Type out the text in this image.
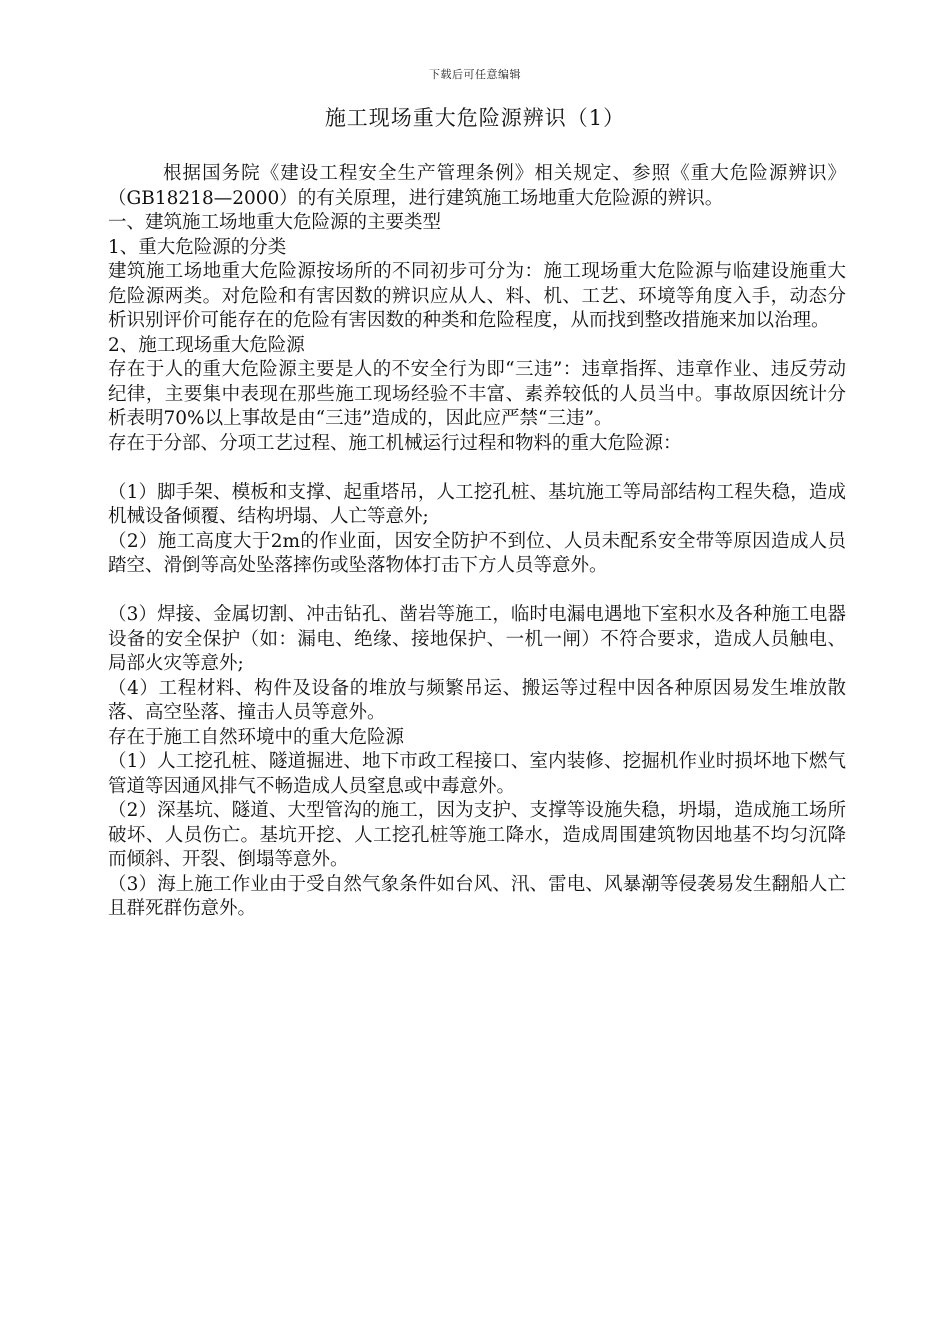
下载后可任意编辑
施工现场重大危险源辨识（1）

根据国务院《建设工程安全生产管理条例》相关规定、参照《重大危险源辨识》（GB18218—2000）的有关原理，进行建筑施工场地重大危险源的辨识。

一、建筑施工场地重大危险源的主要类型

1、重大危险源的分类

建筑施工场地重大危险源按场所的不同初步可分为：施工现场重大危险源与临建设施重大危险源两类。对危险和有害因数的辨识应从人、料、机、工艺、环境等角度入手，动态分析识别评价可能存在的危险有害因数的种类和危险程度，从而找到整改措施来加以治理。

2、施工现场重大危险源

存在于人的重大危险源主要是人的不安全行为即“三违”：违章指挥、违章作业、违反劳动纪律，主要集中表现在那些施工现场经验不丰富、素养较低的人员当中。事故原因统计分析表明70%以上事故是由“三违”造成的，因此应严禁“三违”。

存在于分部、分项工艺过程、施工机械运行过程和物料的重大危险源：

（1）脚手架、模板和支撑、起重塔吊，人工挖孔桩、基坑施工等局部结构工程失稳，造成机械设备倾覆、结构坍塌、人亡等意外;

（2）施工高度大于2m的作业面，因安全防护不到位、人员未配系安全带等原因造成人员踏空、滑倒等高处坠落摔伤或坠落物体打击下方人员等意外。

（3）焊接、金属切割、冲击钻孔、凿岩等施工，临时电漏电遇地下室积水及各种施工电器设备的安全保护（如：漏电、绝缘、接地保护、一机一闸）不符合要求，造成人员触电、局部火灾等意外;

（4）工程材料、构件及设备的堆放与频繁吊运、搬运等过程中因各种原因易发生堆放散落、高空坠落、撞击人员等意外。

存在于施工自然环境中的重大危险源

（1）人工挖孔桩、隧道掘进、地下市政工程接口、室内装修、挖掘机作业时损坏地下燃气管道等因通风排气不畅造成人员窒息或中毒意外。

（2）深基坑、隧道、大型管沟的施工，因为支护、支撑等设施失稳，坍塌，造成施工场所破坏、人员伤亡。基坑开挖、人工挖孔桩等施工降水，造成周围建筑物因地基不均匀沉降而倾斜、开裂、倒塌等意外。

（3）海上施工作业由于受自然气象条件如台风、汛、雷电、风暴潮等侵袭易发生翻船人亡且群死群伤意外。
